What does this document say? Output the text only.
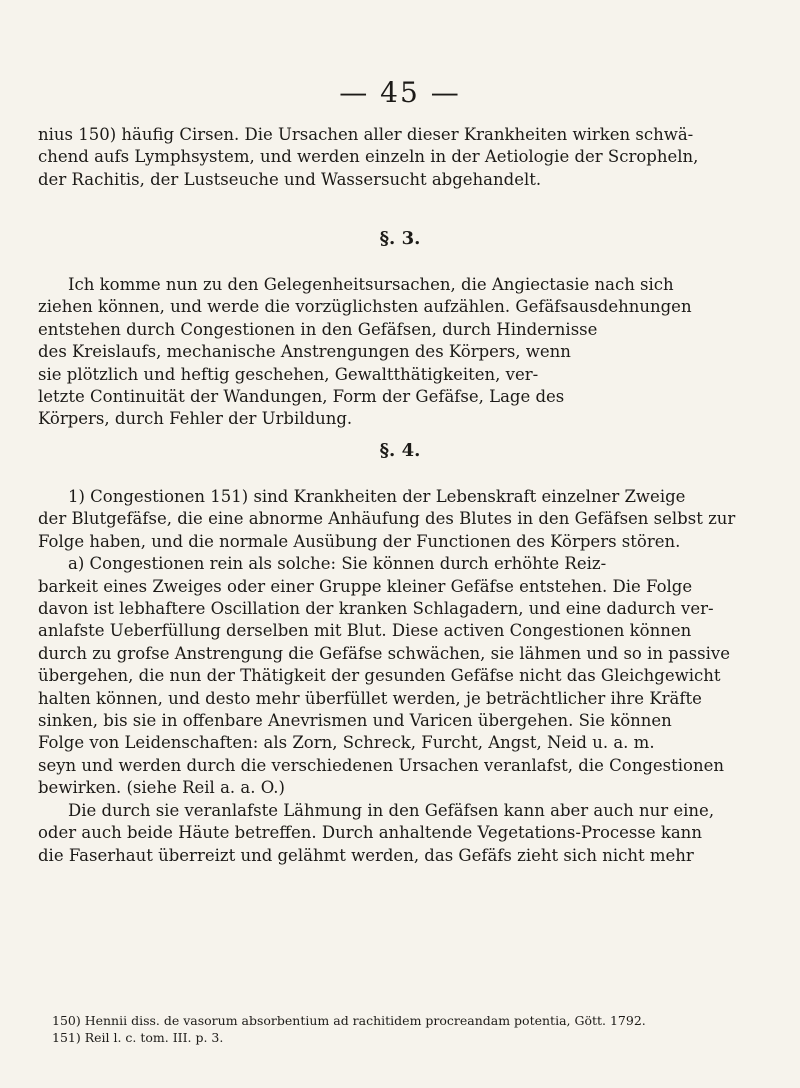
— 45 —
nius 150) häufig Cirsen. Die Ursachen aller dieser Krankheiten wirken schwä-
chend aufs Lymphsystem, und werden einzeln in der Aetiologie der Scropheln,
der Rachitis, der Lustseuche und Wassersucht abgehandelt.
§. 3.
Ich komme nun zu den Gelegenheitsursachen, die Angiectasie nach sich
ziehen können, und werde die vorzüglichsten aufzählen. Gefäfsausdehnungen
entstehen durch Congestionen in den Gefäfsen, durch Hindernisse
des Kreislaufs, mechanische Anstrengungen des Körpers, wenn
sie plötzlich und heftig geschehen, Gewaltthätigkeiten, ver-
letzte Continuität der Wandungen, Form der Gefäfse, Lage des
Körpers, durch Fehler der Urbildung.
§. 4.
1) Congestionen 151) sind Krankheiten der Lebenskraft einzelner Zweige
der Blutgefäfse, die eine abnorme Anhäufung des Blutes in den Gefäfsen selbst zur
Folge haben, und die normale Ausübung der Functionen des Körpers stören.
a) Congestionen rein als solche: Sie können durch erhöhte Reiz-
barkeit eines Zweiges oder einer Gruppe kleiner Gefäfse entstehen. Die Folge
davon ist lebhaftere Oscillation der kranken Schlagadern, und eine dadurch ver-
anlafste Ueberfüllung derselben mit Blut. Diese activen Congestionen können
durch zu grofse Anstrengung die Gefäfse schwächen, sie lähmen und so in passive
übergehen, die nun der Thätigkeit der gesunden Gefäfse nicht das Gleichgewicht
halten können, und desto mehr überfüllet werden, je beträchtlicher ihre Kräfte
sinken, bis sie in offenbare Anevrismen und Varicen übergehen. Sie können
Folge von Leidenschaften: als Zorn, Schreck, Furcht, Angst, Neid u. a. m.
seyn und werden durch die verschiedenen Ursachen veranlafst, die Congestionen
bewirken. (siehe Reil a. a. O.)
Die durch sie veranlafste Lähmung in den Gefäfsen kann aber auch nur eine,
oder auch beide Häute betreffen. Durch anhaltende Vegetations-Processe kann
die Faserhaut überreizt und gelähmt werden, das Gefäfs zieht sich nicht mehr
150) Hennii diss. de vasorum absorbentium ad rachitidem procreandam potentia, Gött. 1792.
151) Reil l. c. tom. III. p. 3.
